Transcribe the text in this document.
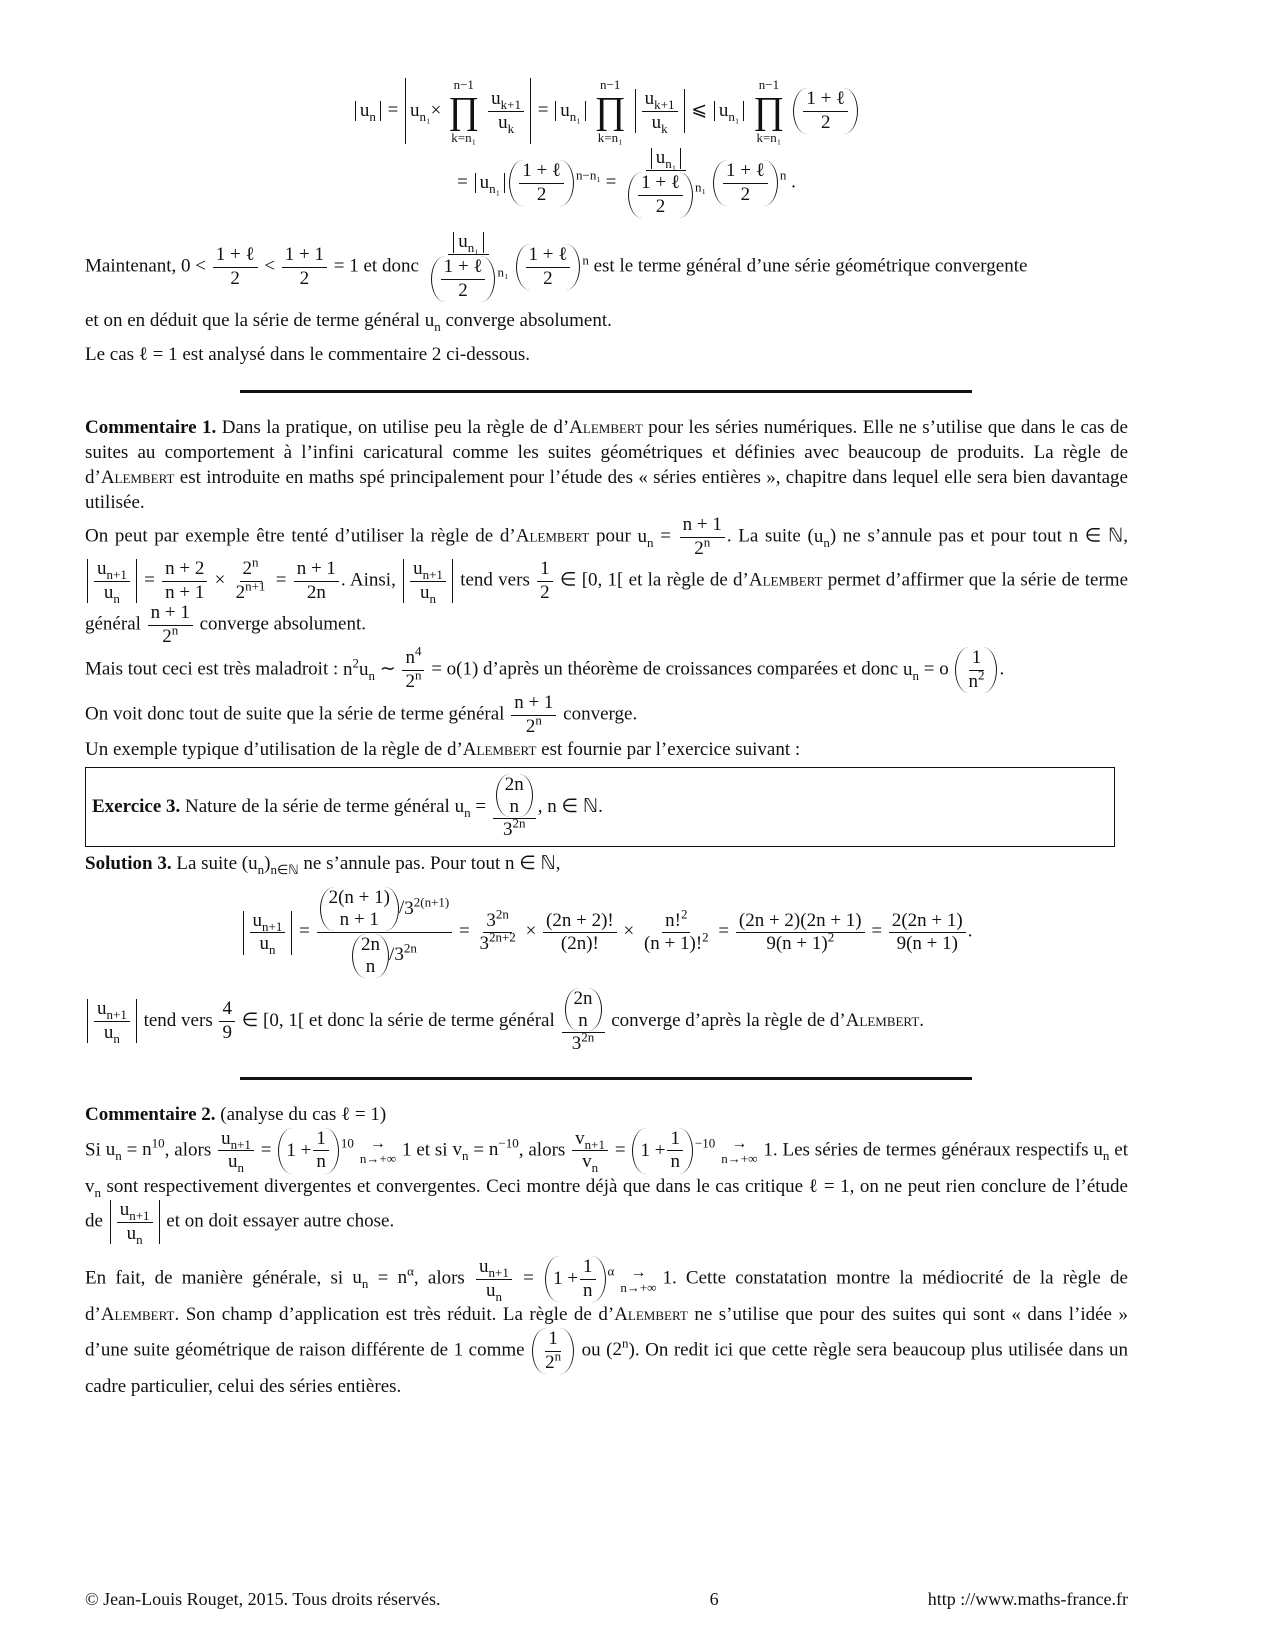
$u_n = u_{n_1}$ ×
n−1
∏
k=n₁
$\frac{u_{k+1}}{u_k} = u_{n_1}$
n−1
∏
k=n₁
$\frac{u_{k+1}}{u_k}$ ⩽ $u_{n_1}$
n−1
∏
k=n₁
1 + ℓ
2
= $u_{n_1}$
1 + ℓ
2
$^{n-n_1}$ =
$u_{n_1}$
1 + ℓ
2
$^{n_1}$
1 + ℓ
2
$^n$ .
Maintenant, 0 <
1 + ℓ
2
< $\frac{1 + 1}{2} = 1$ et donc
$u_{n_1}$
1 + ℓ
2
$^{n_1}$
1 + ℓ
2
$^n$ est le terme général d’une série géométrique convergente
et on en déduit que la série de terme général $u_n$ converge absolument.
Le cas ℓ = 1 est analysé dans le commentaire 2 ci-dessous.
Commentaire 1. Dans la pratique, on utilise peu la règle de d’Alembert pour les séries numériques. Elle ne s’utilise que dans le cas de suites au comportement à l’infini caricatural comme les suites géométriques et définies avec beaucoup de produits. La règle de d’Alembert est introduite en maths spé principalement pour l’étude des « séries entières », chapitre dans lequel elle sera bien davantage utilisée.
On peut par exemple être tenté d’utiliser la règle de d’Alembert pour $u_n = \frac{n + 1}{2^n}$ . La suite $(u_n)$ ne s’annule pas et pour tout n ∈ ℕ,
$\frac{u_{n+1}}{u_n} = \frac{n + 2}{n + 1} \times \frac{2^n}{2^{n+1}} = \frac{n + 1}{2n}$ . Ainsi, $\frac{u_{n+1}}{u_n}$ tend vers $\frac{1}{2}$ ∈ [0, 1[ et la règle de d’Alembert permet d’affirmer que la série de terme général $\frac{n + 1}{2^n}$ converge absolument.
Mais tout ceci est très maladroit : $n^2u_n$ ∼ $\frac{n^4}{2^n} = o(1)$ d’après un théorème de croissances comparées et donc $u_n = o \frac{1}{n^2}$ .
On voit donc tout de suite que la série de terme général $\frac{n + 1}{2^n}$ converge.
Un exemple typique d’utilisation de la règle de d’Alembert est fournie par l’exercice suivant :
Exercice 3. Nature de la série de terme général $u_n = 2n$
n
$3^{2n}$ , n ∈ ℕ.
Solution 3. La suite $(u_n)_{n\in ℕ}$ ne s’annule pas. Pour tout n ∈ ℕ,
$\frac{u_{n+1}}{u_n} = 2(n + 1)$
n + 1
$/3^{2(n+1)}$
2n
n
$/3^{2n} = \frac{3^{2n}}{3^{2n+2}} \times \frac{(2n + 2)!}{(2n)!} \times \frac{n!^2}{(n + 1)!^2} = \frac{(2n + 2)(2n + 1)}{9(n + 1)^2} = \frac{2(2n + 1)}{9(n + 1)}$ .
$\frac{u_{n+1}}{u_n}$ tend vers $\frac{4}{9}$ ∈ [0, 1[ et donc la série de terme général 2n
n
$3^{2n}$ converge d’après la règle de d’Alembert.
Commentaire 2. (analyse du cas ℓ = 1)
Si $u_n = n^{10}$, alors $\frac{u_{n+1}}{u_n} = 1 + \frac{1}{n} ^{10}$ →
n→+∞ 1 et si $v_n = n^{-10}$, alors $\frac{v_{n+1}}{v_n} = 1 + \frac{1}{n} ^{-10}$ →
n→+∞ 1. Les séries de termes généraux respectifs $u_n$ et $v_n$ sont respectivement divergentes et convergentes. Ceci montre déjà que dans le cas critique ℓ = 1, on ne peut rien conclure de l’étude de $\frac{u_{n+1}}{u_n}$ et on doit essayer autre chose.
En fait, de manière générale, si $u_n = n^\alpha$, alors $\frac{u_{n+1}}{u_n} = 1 + \frac{1}{n} ^\alpha$ →
n→+∞ 1. Cette constatation montre la médiocrité de la règle de d’Alembert. Son champ d’application est très réduit. La règle de d’Alembert ne s’utilise que pour des suites qui sont « dans l’idée » d’une suite géométrique de raison différente de 1 comme $\frac{1}{2^n}$ ou (2$^n$). On redit ici que cette règle sera beaucoup plus utilisée dans un cadre particulier, celui des séries entières.
© Jean-Louis Rouget, 2015. Tous droits réservés.	6	http ://www.maths-france.fr
